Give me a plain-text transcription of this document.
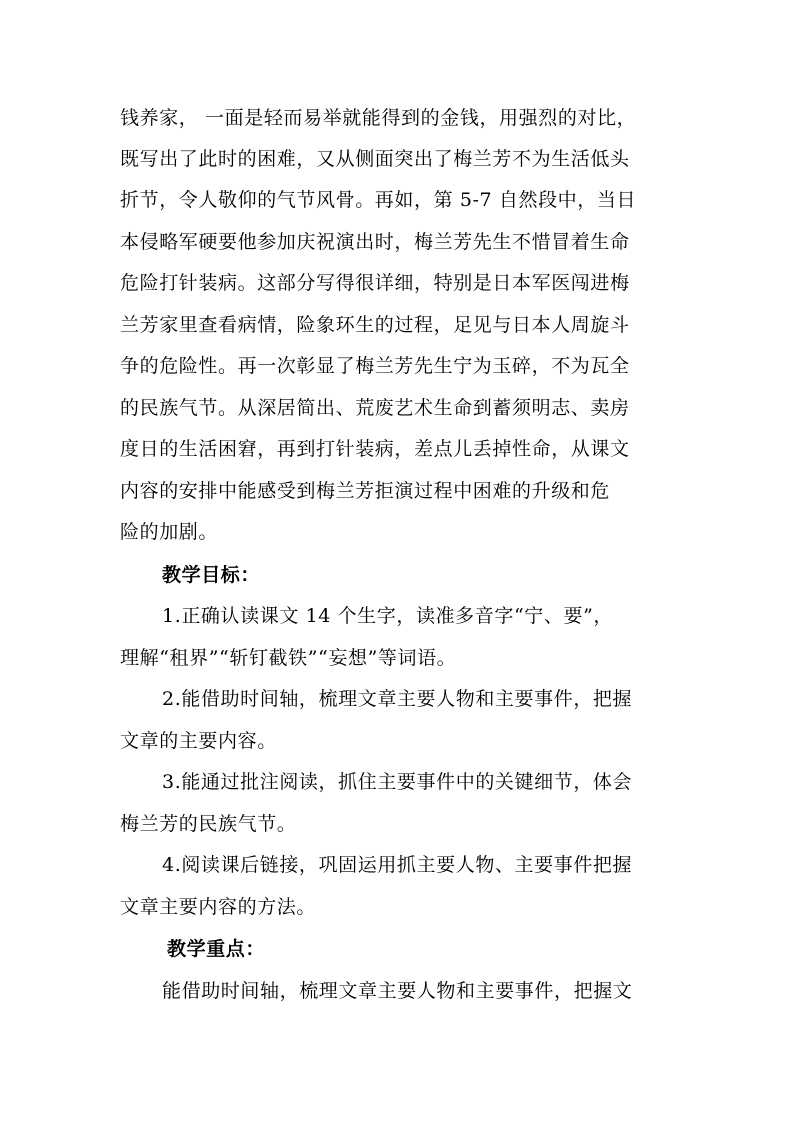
钱养家， 一面是轻而易举就能得到的金钱，用强烈的对比，
既写出了此时的困难，又从侧面突出了梅兰芳不为生活低头
折节，令人敬仰的气节风骨。再如，第 5-7 自然段中，当日
本侵略军硬要他参加庆祝演出时，梅兰芳先生不惜冒着生命
危险打针装病。这部分写得很详细，特别是日本军医闯进梅
兰芳家里查看病情，险象环生的过程，足见与日本人周旋斗
争的危险性。再一次彰显了梅兰芳先生宁为玉碎，不为瓦全
的民族气节。从深居简出、荒废艺术生命到蓄须明志、卖房
度日的生活困窘，再到打针装病，差点儿丢掉性命，从课文
内容的安排中能感受到梅兰芳拒演过程中困难的升级和危
险的加剧。
教学目标：
1.正确认读课文 14 个生字，读准多音字“宁、要”，
理解“租界”“斩钉截铁”“妄想”等词语。
2.能借助时间轴，梳理文章主要人物和主要事件，把握
文章的主要内容。
3.能通过批注阅读，抓住主要事件中的关键细节，体会
梅兰芳的民族气节。
4.阅读课后链接，巩固运用抓主要人物、主要事件把握
文章主要内容的方法。
教学重点：
能借助时间轴，梳理文章主要人物和主要事件，把握文
